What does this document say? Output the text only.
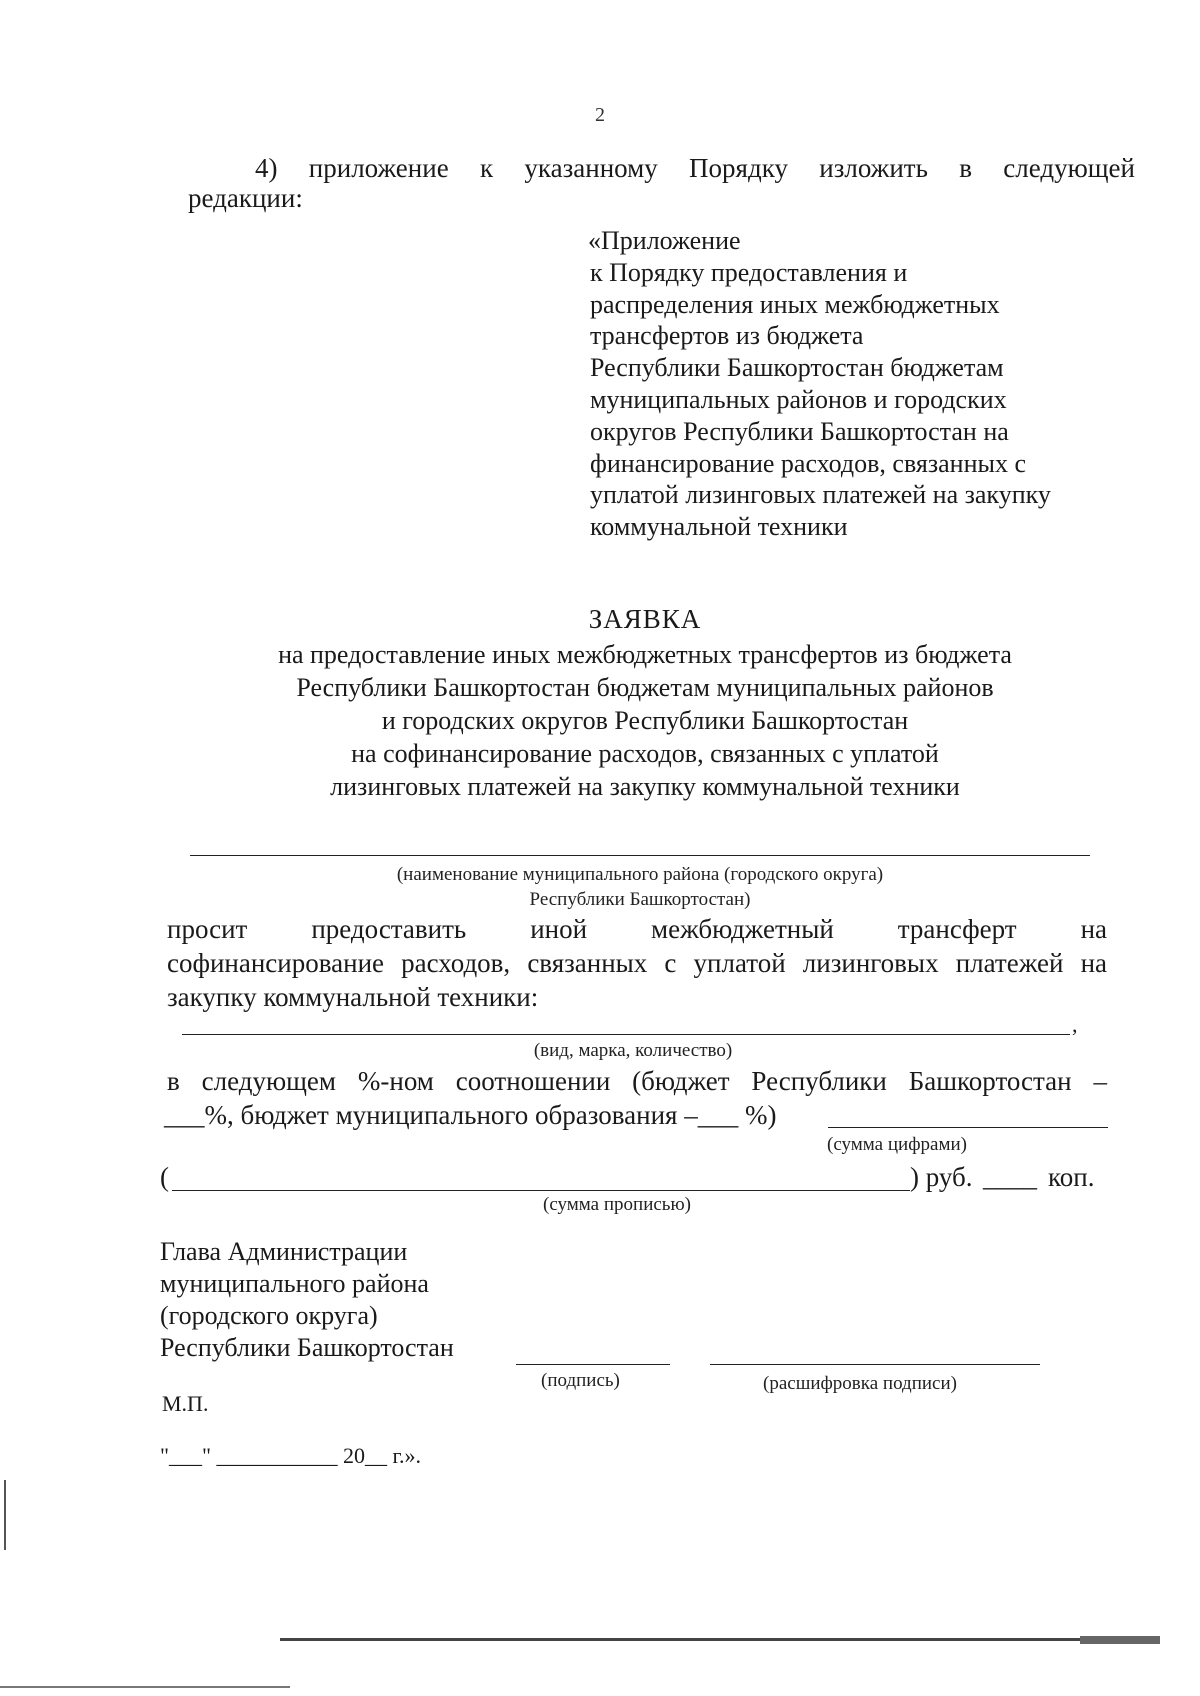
2
4) приложение к указанному Порядку изложить в следующей
редакции:
«Приложение
к Порядку предоставления и
распределения иных межбюджетных
трансфертов из бюджета
Республики Башкортостан бюджетам
муниципальных районов и городских
округов Республики Башкортостан на
финансирование расходов, связанных с
уплатой лизинговых платежей на закупку
коммунальной техники
ЗАЯВКА
на предоставление иных межбюджетных трансфертов из бюджета
Республики Башкортостан бюджетам муниципальных районов
и городских округов Республики Башкортостан
на софинансирование расходов, связанных с уплатой
лизинговых платежей на закупку коммунальной техники
(наименование муниципального района (городского округа)
Республики Башкортостан)
просит предоставить иной межбюджетный трансферт на
софинансирование расходов, связанных с уплатой лизинговых платежей на
закупку коммунальной техники:
,
(вид, марка, количество)
в следующем %-ном соотношении (бюджет Республики Башкортостан –
___%, бюджет муниципального образования –___ %)
(сумма цифрами)
(	) руб. ____ коп.
(сумма прописью)
Глава Администрации
муниципального района
(городского округа)
Республики Башкортостан
(подпись)	(расшифровка подписи)
М.П.
"___" ___________ 20__ г.».
